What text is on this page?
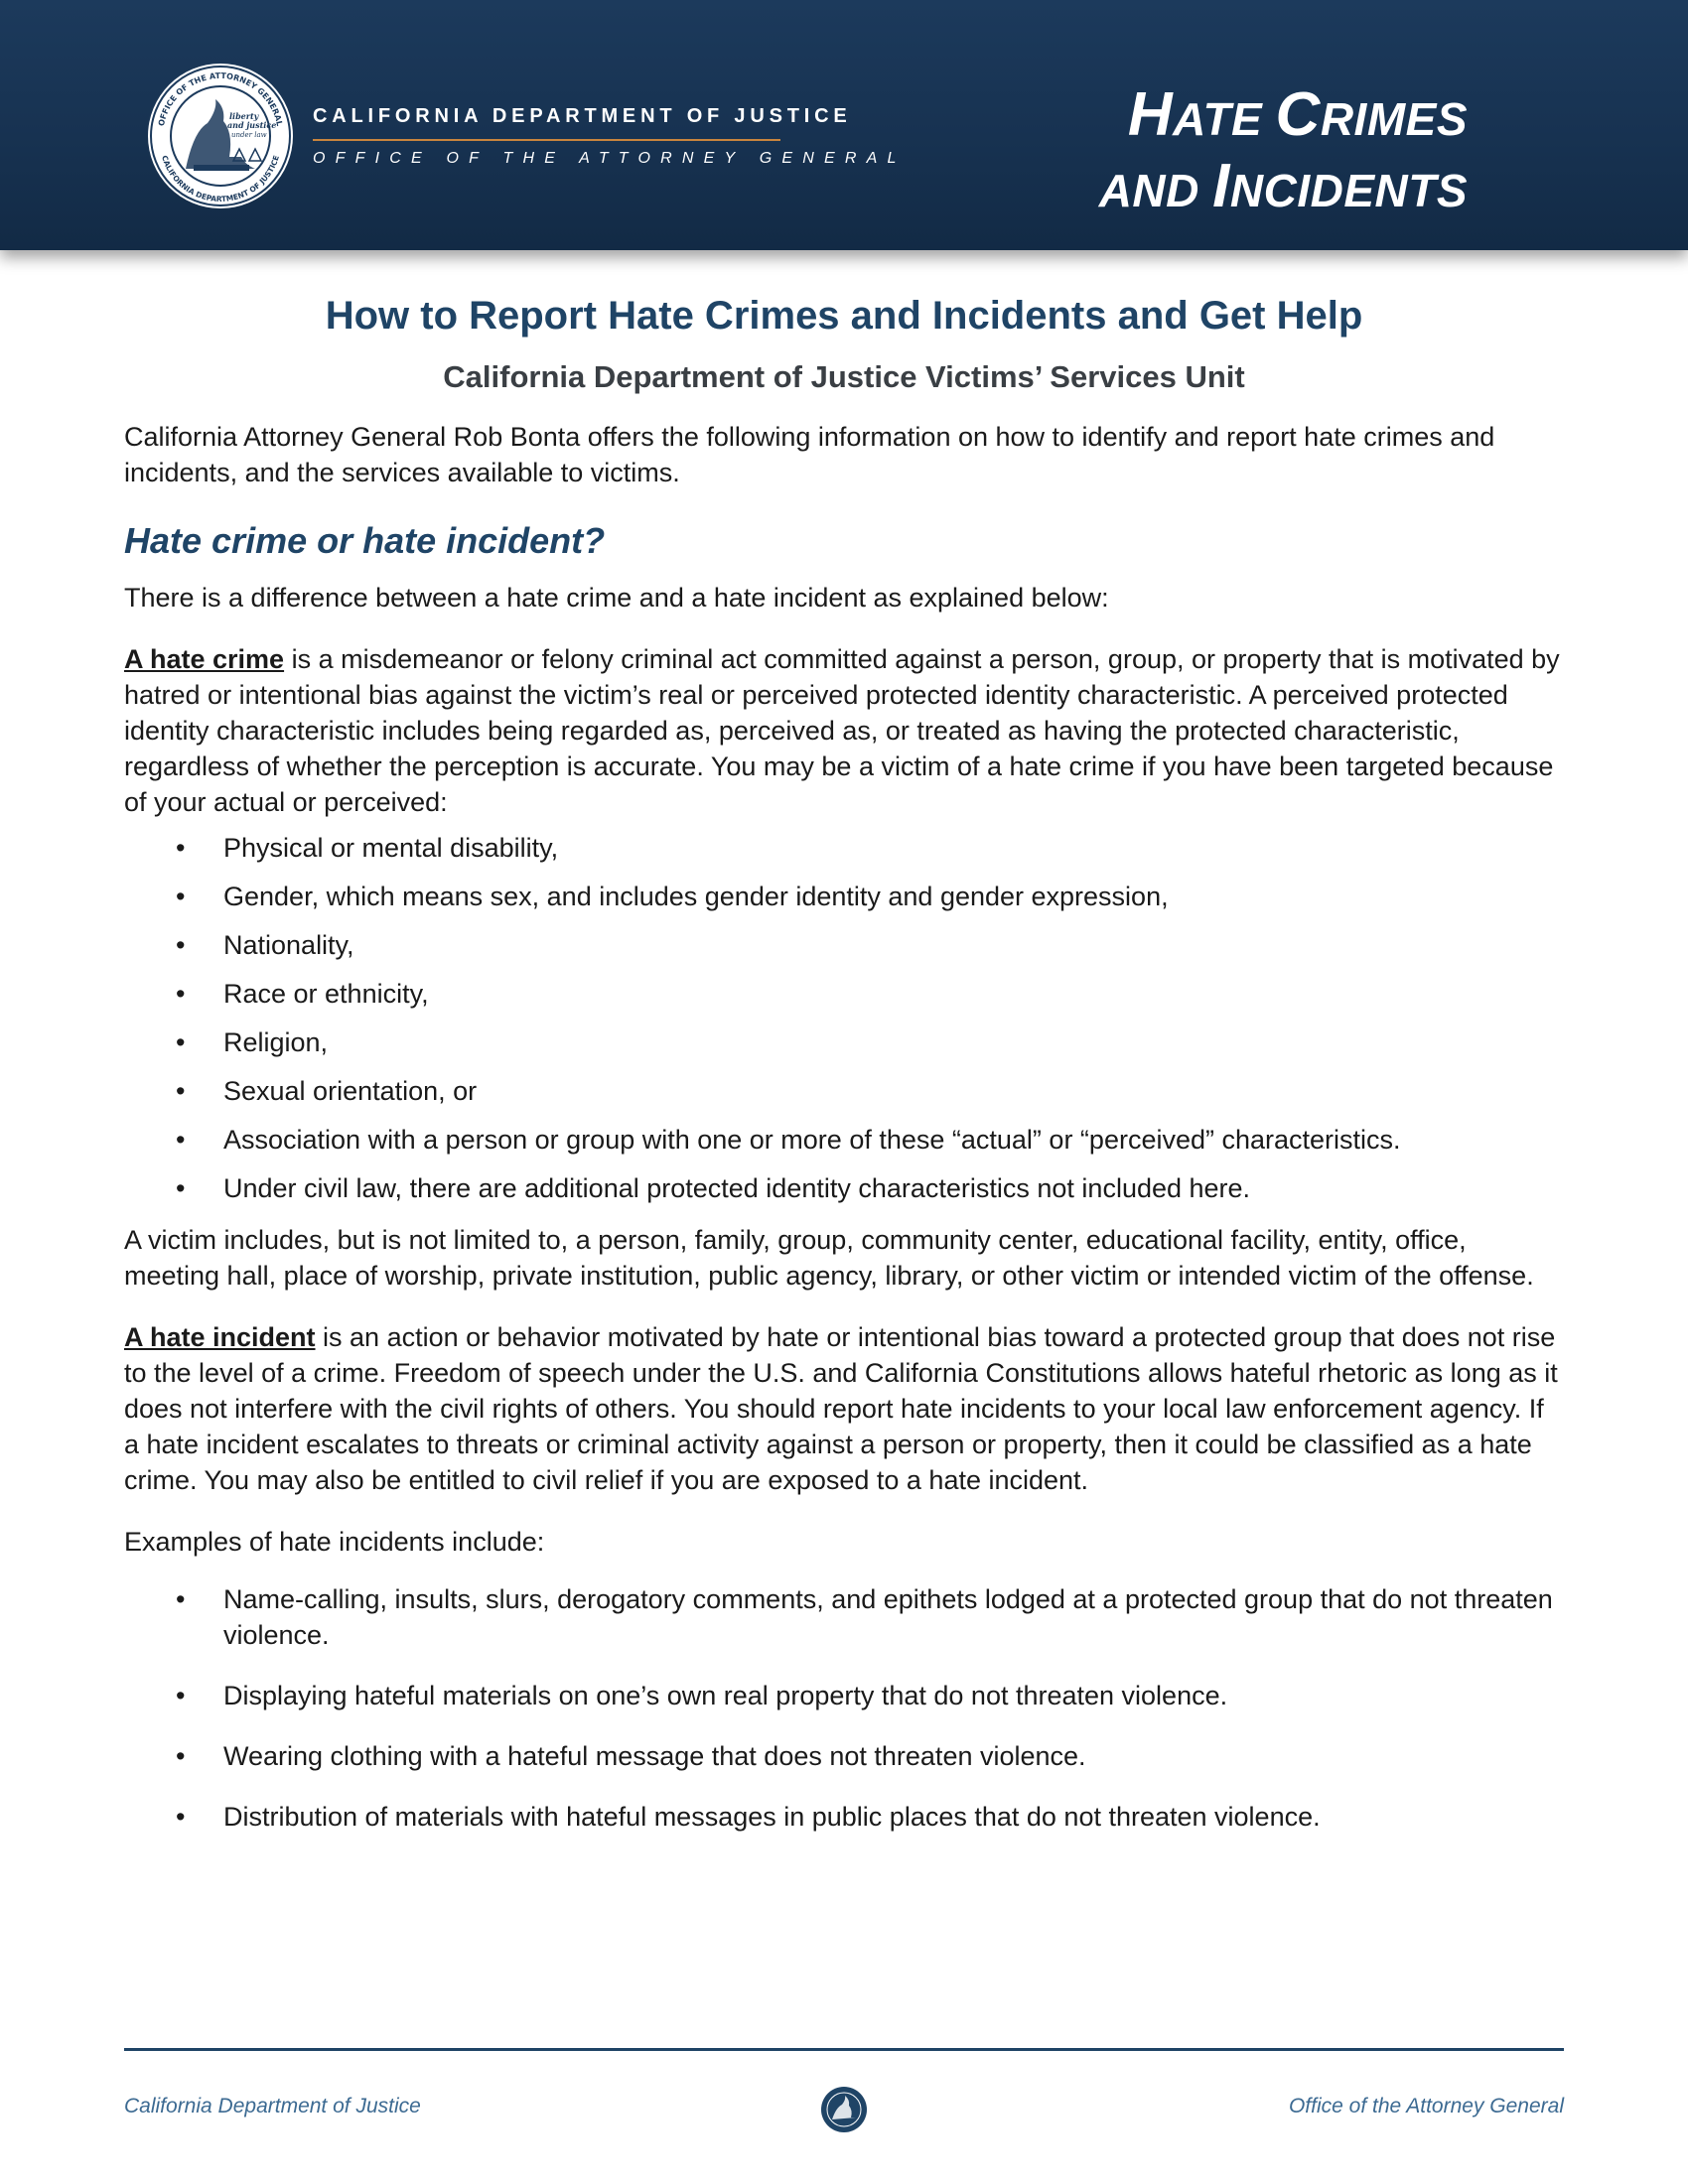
OFFICE OF THE ATTORNEY GENERAL
CALIFORNIA DEPARTMENT OF JUSTICE
liberty
and justice
under law
CALIFORNIA DEPARTMENT OF JUSTICE
OFFICE OF THE ATTORNEY GENERAL
HATE CRIMES
AND INCIDENTS
How to Report Hate Crimes and Incidents and Get Help
California Department of Justice Victims’ Services Unit

California Attorney General Rob Bonta offers the following information on how to identify and report hate crimes and incidents, and the services available to victims.

Hate crime or hate incident?

There is a difference between a hate crime and a hate incident as explained below:

A hate crime is a misdemeanor or felony criminal act committed against a person, group, or property that is motivated by hatred or intentional bias against the victim’s real or perceived protected identity characteristic. A perceived protected identity characteristic includes being regarded as, perceived as, or treated as having the protected characteristic, regardless of whether the perception is accurate. You may be a victim of a hate crime if you have been targeted because of your actual or perceived:

•	Physical or mental disability,
•	Gender, which means sex, and includes gender identity and gender expression,
•	Nationality,
•	Race or ethnicity,
•	Religion,
•	Sexual orientation, or
•	Association with a person or group with one or more of these “actual” or “perceived” characteristics.
•	Under civil law, there are additional protected identity characteristics not included here.

A victim includes, but is not limited to, a person, family, group, community center, educational facility, entity, office, meeting hall, place of worship, private institution, public agency, library, or other victim or intended victim of the offense.

A hate incident is an action or behavior motivated by hate or intentional bias toward a protected group that does not rise to the level of a crime. Freedom of speech under the U.S. and California Constitutions allows hateful rhetoric as long as it does not interfere with the civil rights of others. You should report hate incidents to your local law enforcement agency. If a hate incident escalates to threats or criminal activity against a person or property, then it could be classified as a hate crime. You may also be entitled to civil relief if you are exposed to a hate incident.

Examples of hate incidents include:

•	Name-calling, insults, slurs, derogatory comments, and epithets lodged at a protected group that do not threaten violence.
•	Displaying hateful materials on one’s own real property that do not threaten violence.
•	Wearing clothing with a hateful message that does not threaten violence.
•	Distribution of materials with hateful messages in public places that do not threaten violence.
California Department of Justice	Office of the Attorney General
